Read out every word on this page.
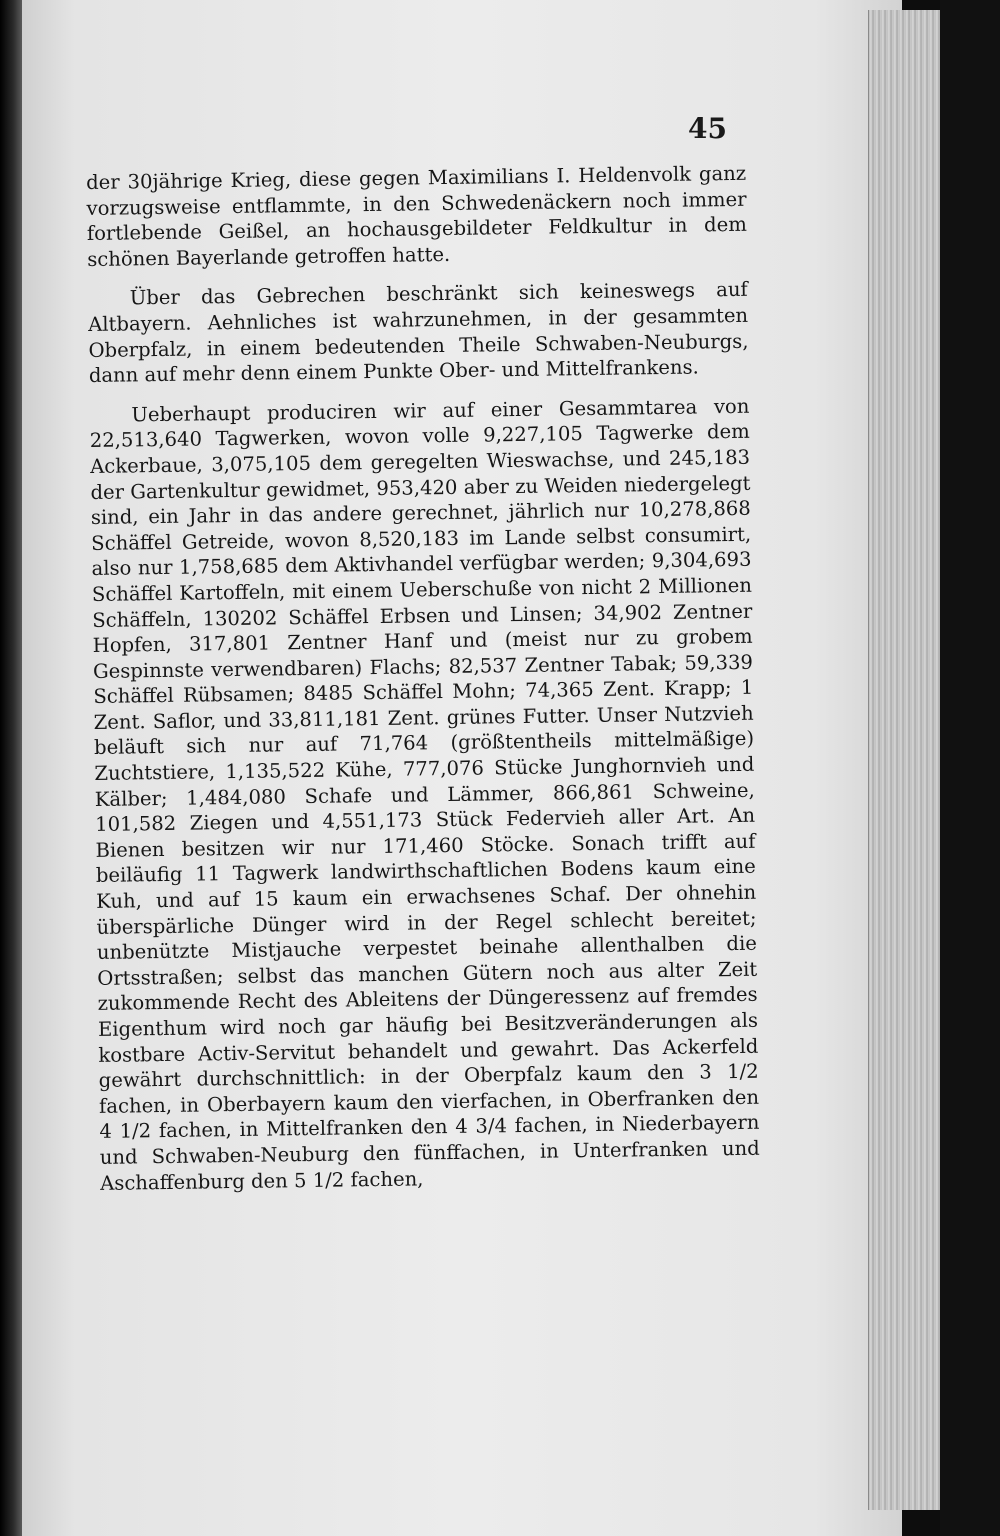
45

der 30jährige Krieg, diese gegen Maximilians I. Heldenvolk ganz vorzugsweise entflammte, in den Schwedenäckern noch immer fortlebende Geißel, an hochausgebildeter Feldkultur in dem schönen Bayerlande getroffen hatte.

Über das Gebrechen beschränkt sich keineswegs auf Altbayern. Aehnliches ist wahrzunehmen, in der gesammten Oberpfalz, in einem bedeutenden Theile Schwaben-Neuburgs, dann auf mehr denn einem Punkte Ober- und Mittelfrankens.

Ueberhaupt produciren wir auf einer Gesammtarea von 22,513,640 Tagwerken, wovon volle 9,227,105 Tagwerke dem Ackerbaue, 3,075,105 dem geregelten Wieswachse, und 245,183 der Gartenkultur gewidmet, 953,420 aber zu Weiden niedergelegt sind, ein Jahr in das andere gerechnet, jährlich nur 10,278,868 Schäffel Getreide, wovon 8,520,183 im Lande selbst consumirt, also nur 1,758,685 dem Aktivhandel verfügbar werden; 9,304,693 Schäffel Kartoffeln, mit einem Ueberschuße von nicht 2 Millionen Schäffeln, 130202 Schäffel Erbsen und Linsen; 34,902 Zentner Hopfen, 317,801 Zentner Hanf und (meist nur zu grobem Gespinnste verwendbaren) Flachs; 82,537 Zentner Tabak; 59,339 Schäffel Rübsamen; 8485 Schäffel Mohn; 74,365 Zent. Krapp; 1 Zent. Saflor, und 33,811,181 Zent. grünes Futter. Unser Nutzvieh beläuft sich nur auf 71,764 (größtentheils mittelmäßige) Zuchtstiere, 1,135,522 Kühe, 777,076 Stücke Junghornvieh und Kälber; 1,484,080 Schafe und Lämmer, 866,861 Schweine, 101,582 Ziegen und 4,551,173 Stück Federvieh aller Art. An Bienen besitzen wir nur 171,460 Stöcke. Sonach trifft auf beiläufig 11 Tagwerk landwirthschaftlichen Bodens kaum eine Kuh, und auf 15 kaum ein erwachsenes Schaf. Der ohnehin überspärliche Dünger wird in der Regel schlecht bereitet; unbenützte Mistjauche verpestet beinahe allenthalben die Ortsstraßen; selbst das manchen Gütern noch aus alter Zeit zukommende Recht des Ableitens der Düngeressenz auf fremdes Eigenthum wird noch gar häufig bei Besitzveränderungen als kostbare Activ-Servitut behandelt und gewahrt. Das Ackerfeld gewährt durchschnittlich: in der Oberpfalz kaum den 3 1/2 fachen, in Oberbayern kaum den vierfachen, in Oberfranken den 4 1/2 fachen, in Mittelfranken den 4 3/4 fachen, in Niederbayern und Schwaben-Neuburg den fünffachen, in Unterfranken und Aschaffenburg den 5 1/2 fachen,
